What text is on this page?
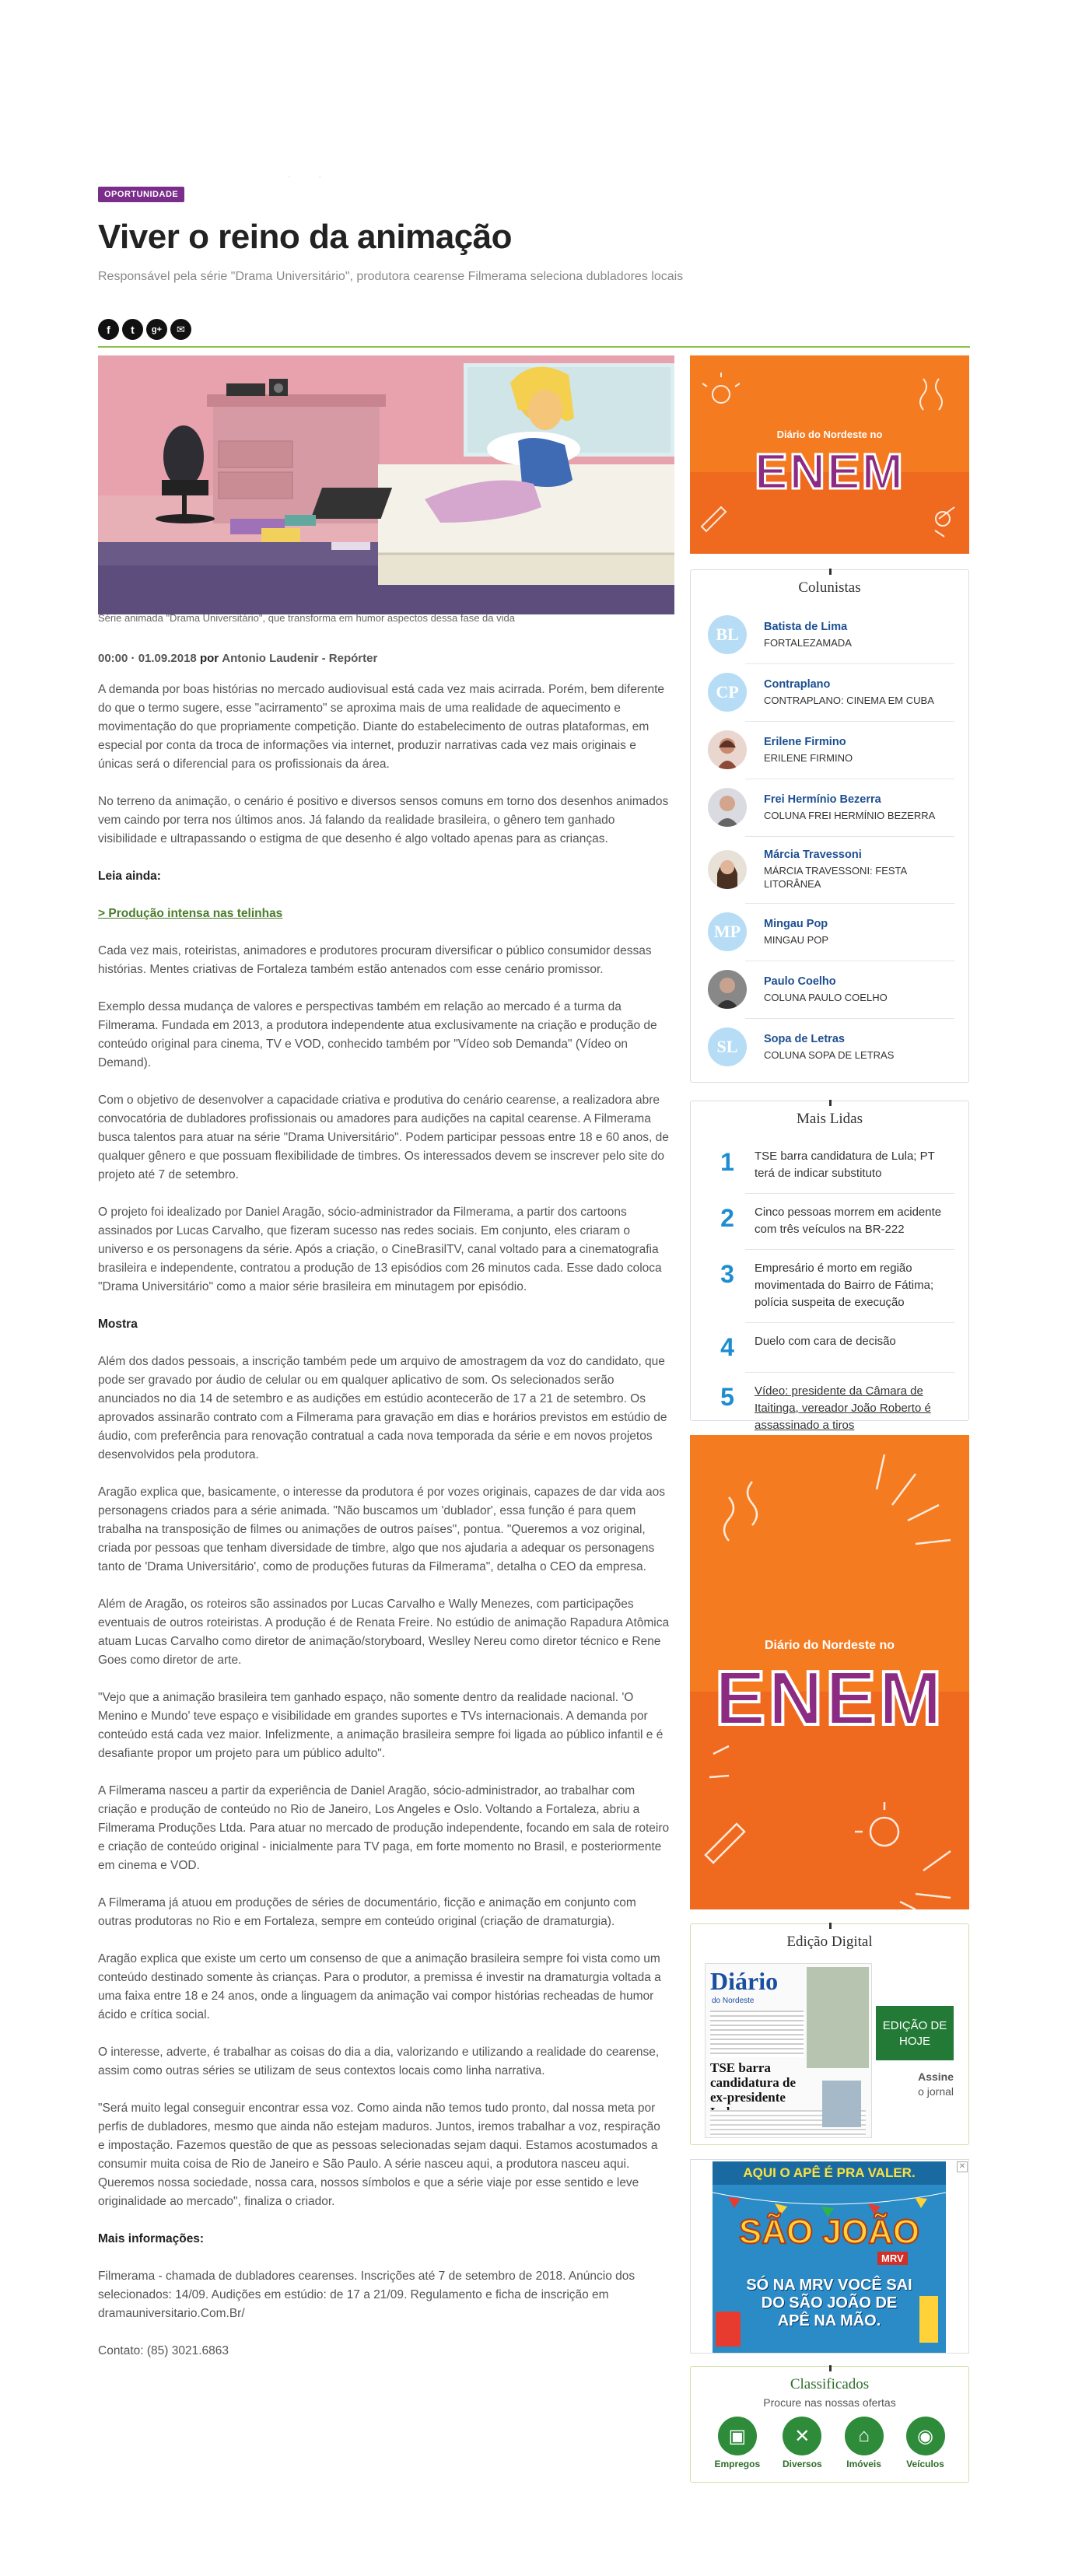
·             ·
OPORTUNIDADE
Viver o reino da animação
Responsável pela série "Drama Universitário", produtora cearense Filmerama seleciona dubladores locais
f	t	g+	✉
Série animada "Drama Universitário", que transforma em humor aspectos dessa fase da vida
00:00 · 01.09.2018 por Antonio Laudenir - Repórter

A demanda por boas histórias no mercado audiovisual está cada vez mais acirrada. Porém, bem diferente do que o termo sugere, esse "acirramento" se aproxima mais de uma realidade de aquecimento e movimentação do que propriamente competição. Diante do estabelecimento de outras plataformas, em especial por conta da troca de informações via internet, produzir narrativas cada vez mais originais e únicas será o diferencial para os profissionais da área.

No terreno da animação, o cenário é positivo e diversos sensos comuns em torno dos desenhos animados vem caindo por terra nos últimos anos. Já falando da realidade brasileira, o gênero tem ganhado visibilidade e ultrapassando o estigma de que desenho é algo voltado apenas para as crianças.

Leia ainda:

> Produção intensa nas telinhas

Cada vez mais, roteiristas, animadores e produtores procuram diversificar o público consumidor dessas histórias. Mentes criativas de Fortaleza também estão antenados com esse cenário promissor.

Exemplo dessa mudança de valores e perspectivas também em relação ao mercado é a turma da Filmerama. Fundada em 2013, a produtora independente atua exclusivamente na criação e produção de conteúdo original para cinema, TV e VOD, conhecido também por "Vídeo sob Demanda" (Vídeo on Demand).

Com o objetivo de desenvolver a capacidade criativa e produtiva do cenário cearense, a realizadora abre convocatória de dubladores profissionais ou amadores para audições na capital cearense. A Filmerama busca talentos para atuar na série "Drama Universitário". Podem participar pessoas entre 18 e 60 anos, de qualquer gênero e que possuam flexibilidade de timbres. Os interessados devem se inscrever pelo site do projeto até 7 de setembro.

O projeto foi idealizado por Daniel Aragão, sócio-administrador da Filmerama, a partir dos cartoons assinados por Lucas Carvalho, que fizeram sucesso nas redes sociais. Em conjunto, eles criaram o universo e os personagens da série. Após a criação, o CineBrasilTV, canal voltado para a cinematografia brasileira e independente, contratou a produção de 13 episódios com 26 minutos cada. Esse dado coloca "Drama Universitário" como a maior série brasileira em minutagem por episódio.

Mostra

Além dos dados pessoais, a inscrição também pede um arquivo de amostragem da voz do candidato, que pode ser gravado por áudio de celular ou em qualquer aplicativo de som. Os selecionados serão anunciados no dia 14 de setembro e as audições em estúdio acontecerão de 17 a 21 de setembro. Os aprovados assinarão contrato com a Filmerama para gravação em dias e horários previstos em estúdio de áudio, com preferência para renovação contratual a cada nova temporada da série e em novos projetos desenvolvidos pela produtora.

Aragão explica que, basicamente, o interesse da produtora é por vozes originais, capazes de dar vida aos personagens criados para a série animada. "Não buscamos um 'dublador', essa função é para quem trabalha na transposição de filmes ou animações de outros países", pontua. "Queremos a voz original, criada por pessoas que tenham diversidade de timbre, algo que nos ajudaria a adequar os personagens tanto de 'Drama Universitário', como de produções futuras da Filmerama", detalha o CEO da empresa.

Além de Aragão, os roteiros são assinados por Lucas Carvalho e Wally Menezes, com participações eventuais de outros roteiristas. A produção é de Renata Freire. No estúdio de animação Rapadura Atômica atuam Lucas Carvalho como diretor de animação/storyboard, Weslley Nereu como diretor técnico e Rene Goes como diretor de arte.

"Vejo que a animação brasileira tem ganhado espaço, não somente dentro da realidade nacional. 'O Menino e Mundo' teve espaço e visibilidade em grandes suportes e TVs internacionais. A demanda por conteúdo está cada vez maior. Infelizmente, a animação brasileira sempre foi ligada ao público infantil e é desafiante propor um projeto para um público adulto".

A Filmerama nasceu a partir da experiência de Daniel Aragão, sócio-administrador, ao trabalhar com criação e produção de conteúdo no Rio de Janeiro, Los Angeles e Oslo. Voltando a Fortaleza, abriu a Filmerama Produções Ltda. Para atuar no mercado de produção independente, focando em sala de roteiro e criação de conteúdo original - inicialmente para TV paga, em forte momento no Brasil, e posteriormente em cinema e VOD.

A Filmerama já atuou em produções de séries de documentário, ficção e animação em conjunto com outras produtoras no Rio e em Fortaleza, sempre em conteúdo original (criação de dramaturgia).

Aragão explica que existe um certo um consenso de que a animação brasileira sempre foi vista como um conteúdo destinado somente às crianças. Para o produtor, a premissa é investir na dramaturgia voltada a uma faixa entre 18 e 24 anos, onde a linguagem da animação vai compor histórias recheadas de humor ácido e crítica social.

O interesse, adverte, é trabalhar as coisas do dia a dia, valorizando e utilizando a realidade do cearense, assim como outras séries se utilizam de seus contextos locais como linha narrativa.

"Será muito legal conseguir encontrar essa voz. Como ainda não temos tudo pronto, dal nossa meta por perfis de dubladores, mesmo que ainda não estejam maduros. Juntos, iremos trabalhar a voz, respiração e impostação. Fazemos questão de que as pessoas selecionadas sejam daqui. Estamos acostumados a consumir muita coisa de Rio de Janeiro e São Paulo. A série nasceu aqui, a produtora nasceu aqui. Queremos nossa sociedade, nossa cara, nossos símbolos e que a série viaje por esse sentido e leve originalidade ao mercado", finaliza o criador.

Mais informações:

Filmerama - chamada de dubladores cearenses. Inscrições até 7 de setembro de 2018. Anúncio dos selecionados: 14/09. Audições em estúdio: de 17 a 21/09. Regulamento e ficha de inscrição em dramauniversitario.Com.Br/

Contato: (85) 3021.6863

Diário do Nordeste no
ENEM
Colunistas
BL	Batista de Lima
FORTALEZAMADA
CP	Contraplano
CONTRAPLANO: CINEMA EM CUBA
Erilene Firmino
ERILENE FIRMINO
Frei Hermínio Bezerra
COLUNA FREI HERMÍNIO BEZERRA
Márcia Travessoni
MÁRCIA TRAVESSONI: FESTA LITORÂNEA
MP	Mingau Pop
MINGAU POP
Paulo Coelho
COLUNA PAULO COELHO
SL	Sopa de Letras
COLUNA SOPA DE LETRAS
Mais Lidas
1	TSE barra candidatura de Lula; PT terá de indicar substituto
2	Cinco pessoas morrem em acidente com três veículos na BR-222
3	Empresário é morto em região movimentada do Bairro de Fátima; polícia suspeita de execução
4	Duelo com cara de decisão
5	Vídeo: presidente da Câmara de Itaitinga, vereador João Roberto é assassinado a tiros
Diário do Nordeste no
ENEM
Edição Digital
Diário
do Nordeste
TSE barra candidatura de ex-presidente
EDIÇÃO DE HOJE
Assine
o jornal
AQUI O APÊ É PRA VALER.
SÃO JOÃO
MRV
SÓ NA MRV VOCÊ SAI DO SÃO JOÃO DE APÊ NA MÃO.
✕
Classificados
Procure nas nossas ofertas
▣
Empregos
✕
Diversos
⌂
Imóveis
◉
Veículos
